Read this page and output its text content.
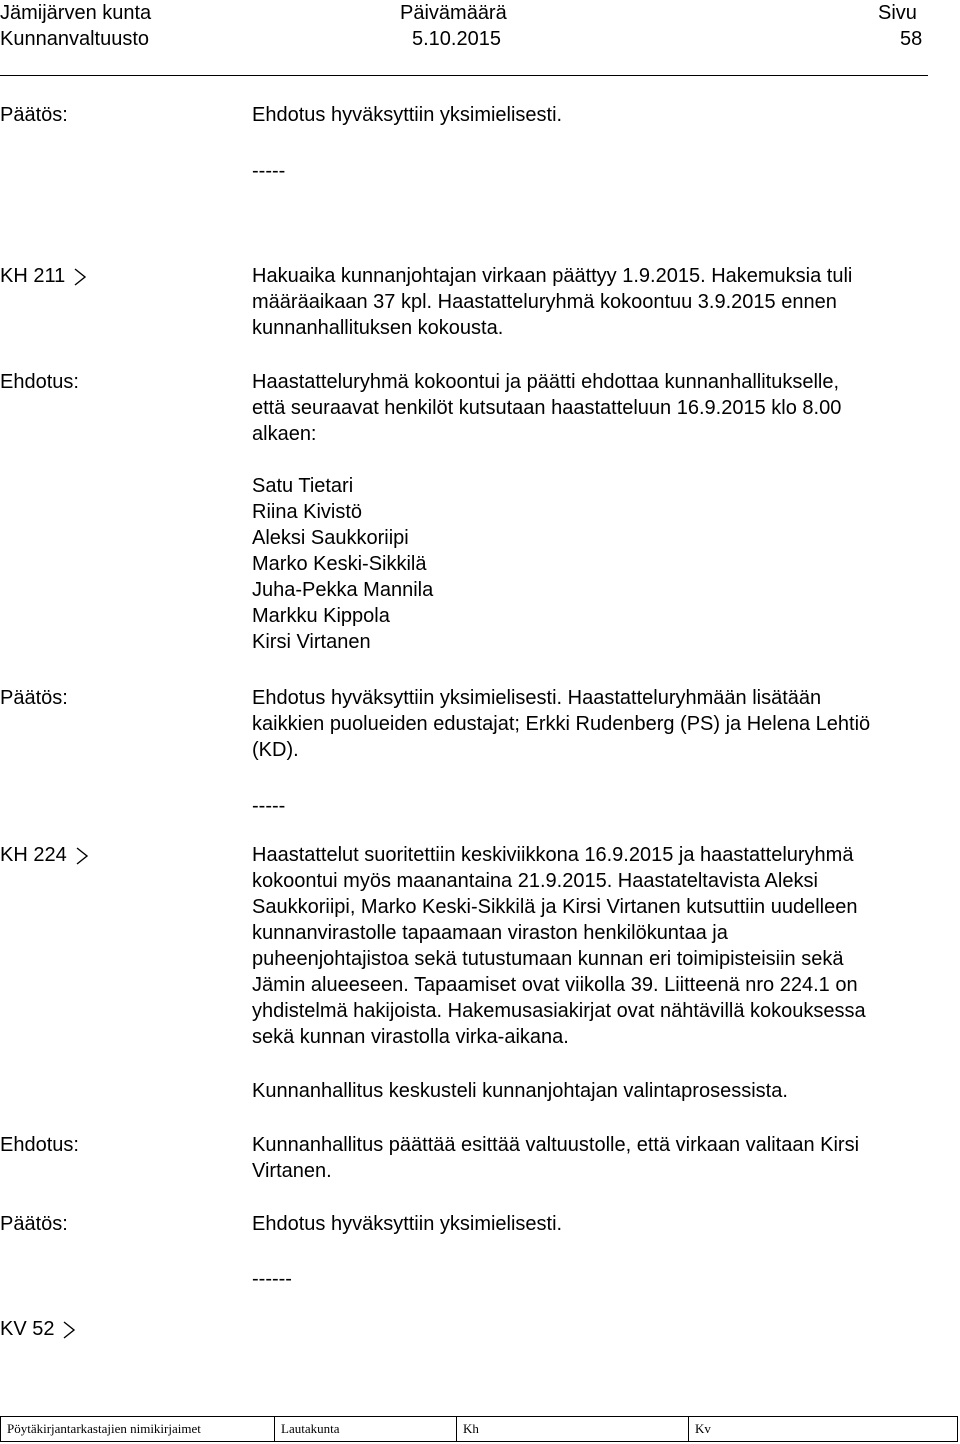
Jämijärven kunta
Kunnanvaltuusto
Päivämäärä
5.10.2015
Sivu
58
Päätös:	Ehdotus hyväksyttiin yksimielisesti.
-----
KH 211	Hakuaika kunnanjohtajan virkaan päättyy 1.9.2015. Hakemuksia tuli
määräaikaan 37 kpl. Haastatteluryhmä kokoontuu 3.9.2015 ennen
kunnanhallituksen kokousta.
Ehdotus:	Haastatteluryhmä kokoontui ja päätti ehdottaa kunnanhallitukselle,
että seuraavat henkilöt kutsutaan haastatteluun 16.9.2015 klo 8.00
alkaen:
Satu Tietari
Riina Kivistö
Aleksi Saukkoriipi
Marko Keski-Sikkilä
Juha-Pekka Mannila
Markku Kippola
Kirsi Virtanen
Päätös:	Ehdotus hyväksyttiin yksimielisesti. Haastatteluryhmään lisätään
kaikkien puolueiden edustajat; Erkki Rudenberg (PS) ja Helena Lehtiö
(KD).
-----
KH 224	Haastattelut suoritettiin keskiviikkona 16.9.2015 ja haastatteluryhmä
kokoontui myös maanantaina 21.9.2015. Haastateltavista Aleksi
Saukkoriipi, Marko Keski-Sikkilä ja Kirsi Virtanen kutsuttiin uudelleen
kunnanvirastolle tapaamaan viraston henkilökuntaa ja
puheenjohtajistoa sekä tutustumaan kunnan eri toimipisteisiin sekä
Jämin alueeseen. Tapaamiset ovat viikolla 39. Liitteenä nro 224.1 on
yhdistelmä hakijoista. Hakemusasiakirjat ovat nähtävillä kokouksessa
sekä kunnan virastolla virka-aikana.
Kunnanhallitus keskusteli kunnanjohtajan valintaprosessista.
Ehdotus:	Kunnanhallitus päättää esittää valtuustolle, että virkaan valitaan Kirsi
Virtanen.
Päätös:	Ehdotus hyväksyttiin yksimielisesti.
------
KV 52
Pöytäkirjantarkastajien nimikirjaimet	Lautakunta	Kh	Kv
